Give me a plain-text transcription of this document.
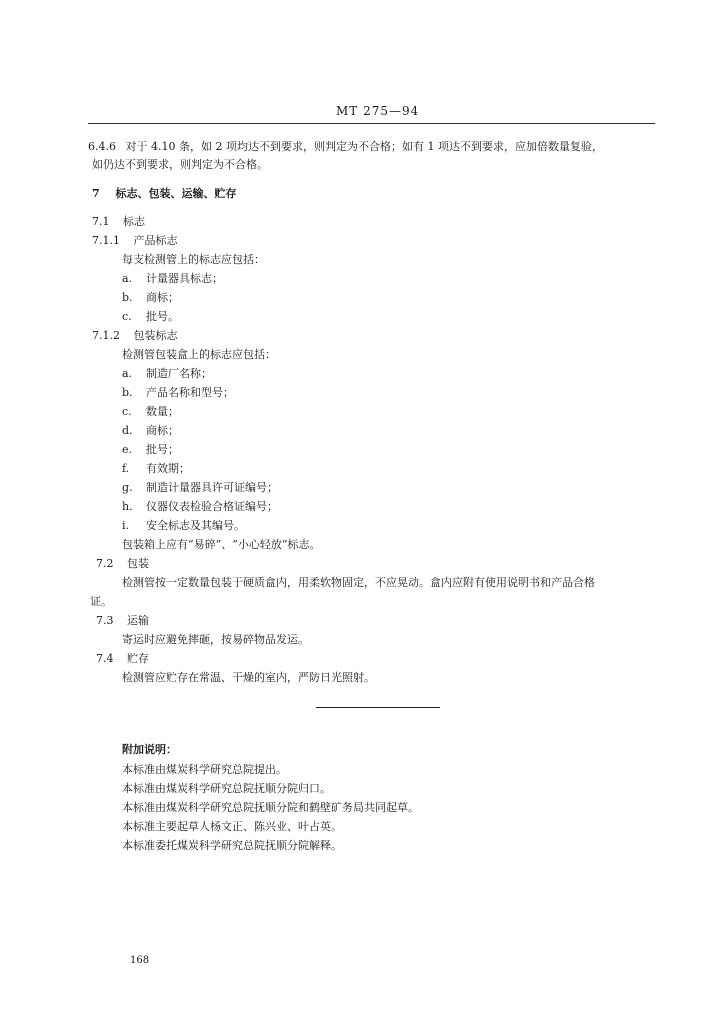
MT 275—94
6.4.6 对于 4.10 条，如 2 项均达不到要求，则判定为不合格；如有 1 项达不到要求，应加倍数量复验，
如仍达不到要求，则判定为不合格。
7 标志、包装、运输、贮存
7.1 标志
7.1.1 产品标志
每支检测管上的标志应包括：
a. 计量器具标志；
b. 商标；
c. 批号。
7.1.2 包装标志
检测管包装盒上的标志应包括：
a. 制造厂名称；
b. 产品名称和型号；
c. 数量；
d. 商标；
e. 批号；
f. 有效期；
g. 制造计量器具许可证编号；
h. 仪器仪表检验合格证编号；
i. 安全标志及其编号。
包装箱上应有“易碎”、“小心轻放”标志。
7.2 包装
检测管按一定数量包装于硬质盒内，用柔软物固定，不应晃动。盒内应附有使用说明书和产品合格
证。
7.3 运输
寄运时应避免摔砸，按易碎物品发运。
7.4 贮存
检测管应贮存在常温、干燥的室内，严防日光照射。
附加说明：
本标准由煤炭科学研究总院提出。
本标准由煤炭科学研究总院抚顺分院归口。
本标准由煤炭科学研究总院抚顺分院和鹤壁矿务局共同起草。
本标准主要起草人杨文正、陈兴业、叶占英。
本标准委托煤炭科学研究总院抚顺分院解释。
168
